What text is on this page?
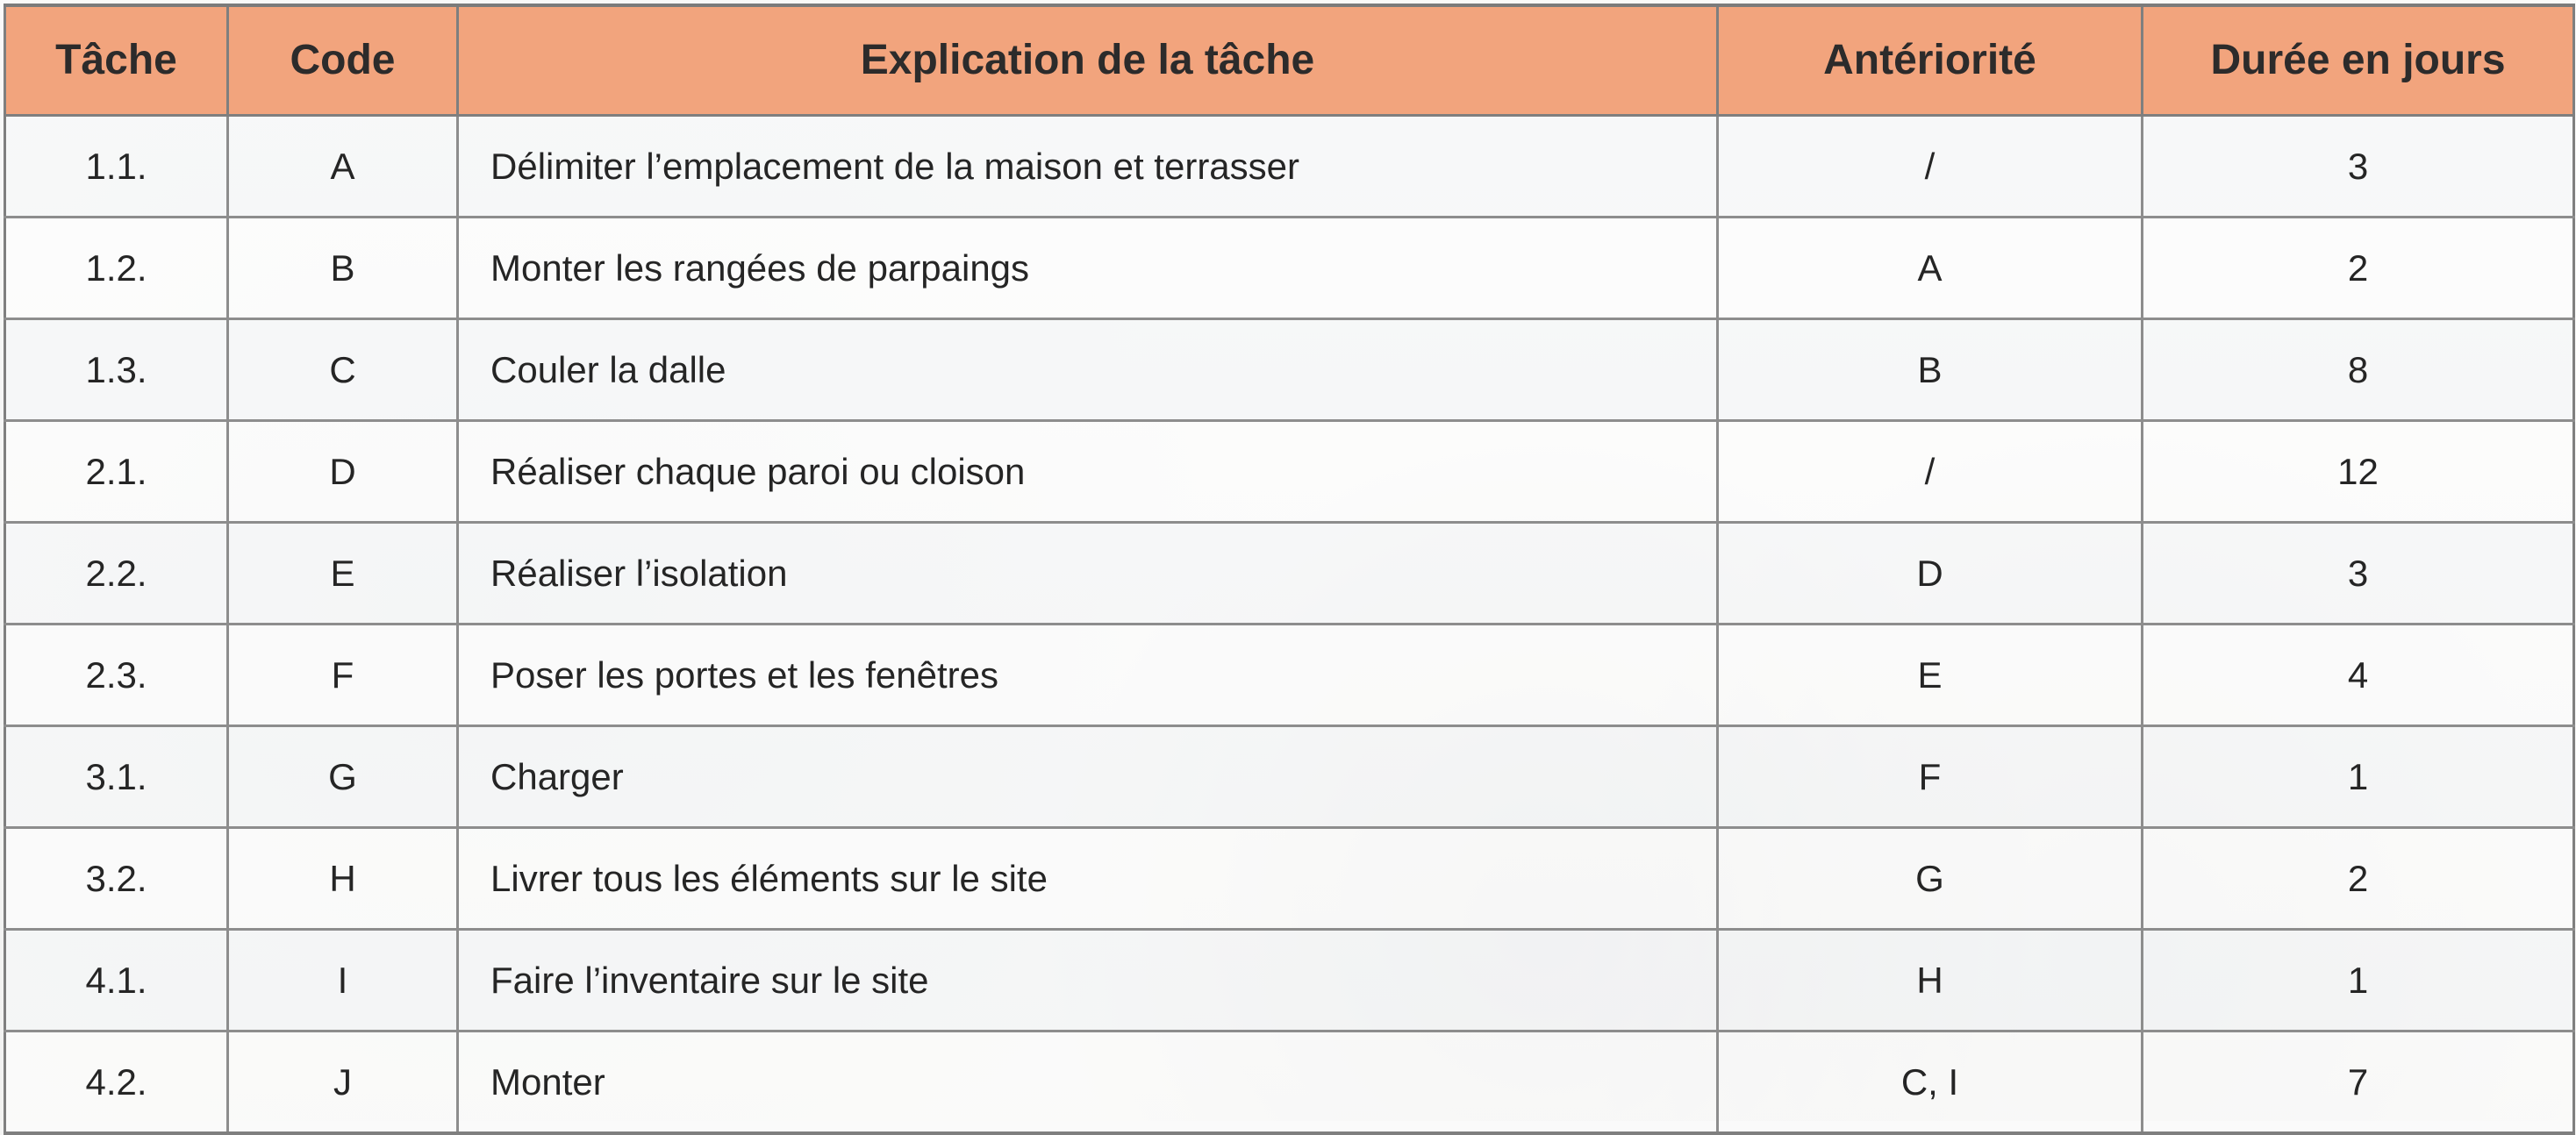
Tâche	Code	Explication de la tâche	Antériorité	Durée en jours
1.1.	A	Délimiter l’emplacement de la maison et terrasser	/	3
1.2.	B	Monter les rangées de parpaings	A	2
1.3.	C	Couler la dalle	B	8
2.1.	D	Réaliser chaque paroi ou cloison	/	12
2.2.	E	Réaliser l’isolation	D	3
2.3.	F	Poser les portes et les fenêtres	E	4
3.1.	G	Charger	F	1
3.2.	H	Livrer tous les éléments sur le site	G	2
4.1.	I	Faire l’inventaire sur le site	H	1
4.2.	J	Monter	C, I	7
